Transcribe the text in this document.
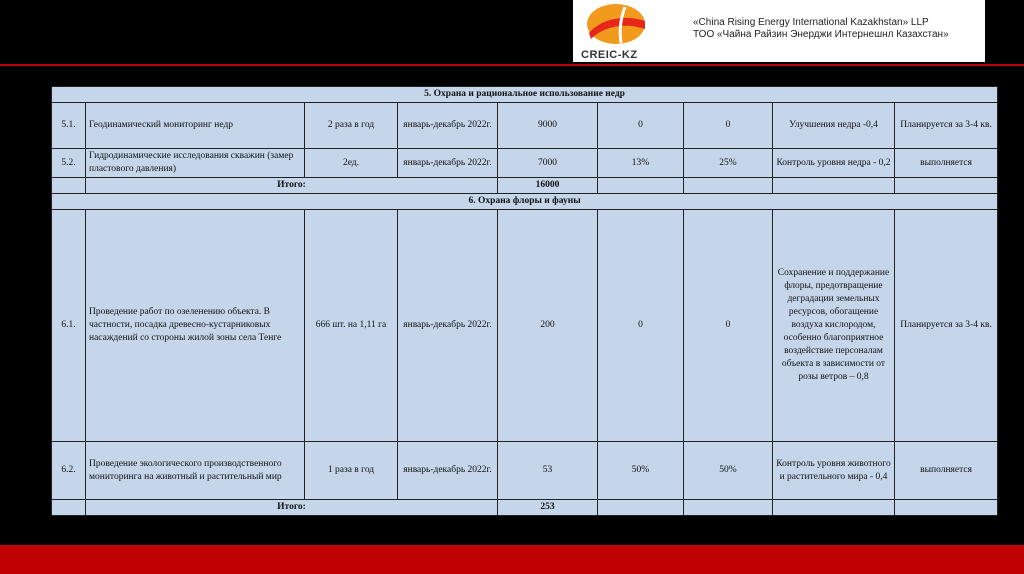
CREIC-KZ
«China Rising Energy International Kazakhstan» LLP
ТОО «Чайна Райзин Энерджи Интернешнл Казахстан»
5. Охрана и рациональное использование недр								
5.1.	Геодинамический мониторинг недр	2 раза в год	январь-декабрь 2022г.	9000	0	0	Улучшения недра -0,4	Планируется за 3-4 кв.
5.2.	Гидродинамические исследования скважин (замер пластового давления)	2ед.	январь-декабрь 2022г.	7000	13%	25%	Контроль уровня недра - 0,2	выполняется
	Итого:			16000				
6. Охрана флоры и фауны								
6.1.	Проведение работ по озеленению объекта. В частности, посадка древесно-кустарниковых насаждений со стороны жилой зоны села Тенге	666 шт. на 1,11 га	январь-декабрь 2022г.	200	0	0	Сохранение и поддержание флоры, предотвращение деградации земельных ресурсов, обогащение воздуха кислородом, особенно благоприятное воздействие персоналам объекта в зависимости от розы ветров – 0,8	Планируется за 3-4 кв.
6.2.	Проведение экологического производственного мониторинга на животный и растительный мир	1 раза в год	январь-декабрь 2022г.	53	50%	50%	Контроль уровня животного и растительного мира - 0,4	выполняется
	Итого:			253				
